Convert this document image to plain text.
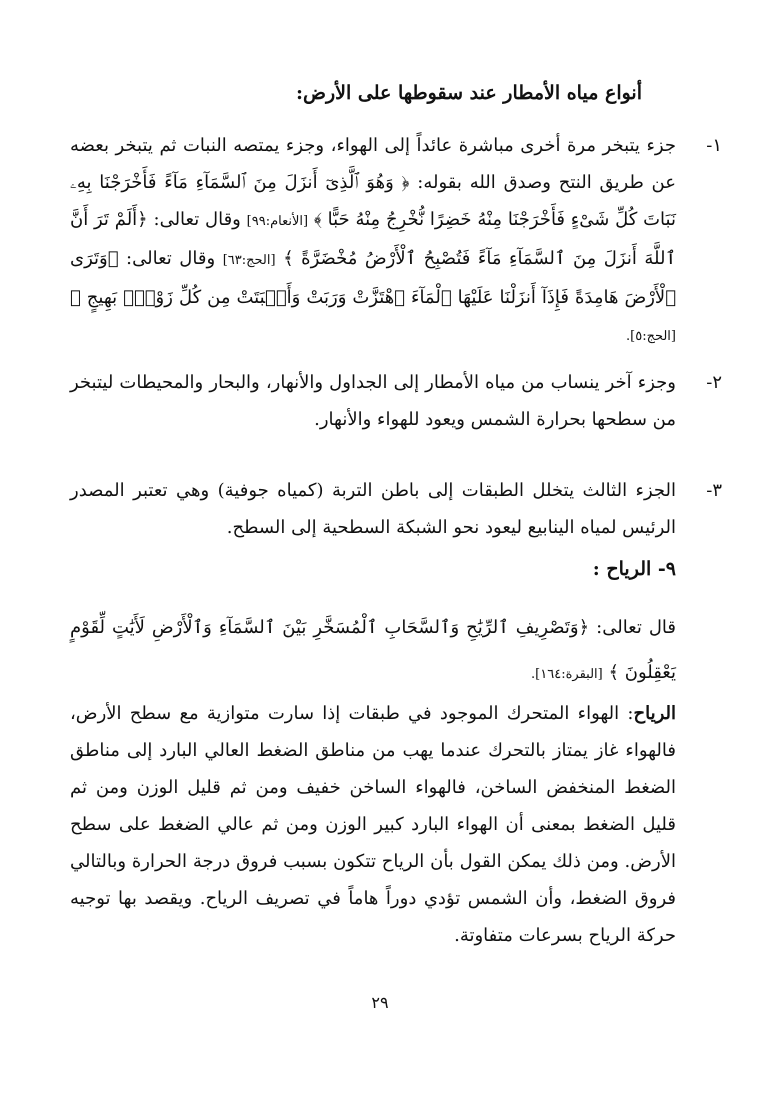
أنواع مياه الأمطار عند سقوطها على الأرض:
١-
جزء يتبخر مرة أخرى مباشرة عائداً إلى الهواء، وجزء يمتصه النبات ثم يتبخر بعضه عن طريق النتح وصدق الله بقوله: ﴿ وَهُوَ ٱلَّذِىٓ أَنزَلَ مِنَ ٱلسَّمَآءِ مَآءً فَأَخْرَجْنَا بِهِۦ نَبَاتَ كُلِّ شَىْءٍ فَأَخْرَجْنَا مِنْهُ خَضِرًا نُّخْرِجُ مِنْهُ حَبًّا ﴾ [الأنعام:٩٩] وقال تعالى: ﴿أَلَمْ تَرَ أَنَّ ٱللَّهَ أَنزَلَ مِنَ ٱلسَّمَآءِ مَآءً فَتُصْبِحُ ٱلْأَرْضُ مُخْضَرَّةً ﴾ [الحج:٦٣] وقال تعالى: ﴿وَتَرَى ٱلْأَرْضَ هَامِدَةً فَإِذَآ أَنزَلْنَا عَلَيْهَا ٱلْمَآءَ ٱهْتَزَّتْ وَرَبَتْ وَأَنۢبَتَتْ مِن كُلِّ زَوْجٍۭ بَهِيجٍ ﴾ [الحج:٥].
٢-
وجزء آخر ينساب من مياه الأمطار إلى الجداول والأنهار، والبحار والمحيطات ليتبخر من سطحها بحرارة الشمس ويعود للهواء والأنهار.
٣-
الجزء الثالث يتخلل الطبقات إلى باطن التربة (كمياه جوفية) وهي تعتبر المصدر الرئيس لمياه الينابيع ليعود نحو الشبكة السطحية إلى السطح.
٩- الرياح :
قال تعالى: ﴿وَتَصْرِيفِ ٱلرِّيَٰحِ وَٱلسَّحَابِ ٱلْمُسَخَّرِ بَيْنَ ٱلسَّمَآءِ وَٱلْأَرْضِ لَأَيَٰتٍ لِّقَوْمٍ يَعْقِلُونَ ﴾ [البقرة:١٦٤].
الرياح: الهواء المتحرك الموجود في طبقات إذا سارت متوازية مع سطح الأرض، فالهواء غاز يمتاز بالتحرك عندما يهب من مناطق الضغط العالي البارد إلى مناطق الضغط المنخفض الساخن، فالهواء الساخن خفيف ومن ثم قليل الوزن ومن ثم قليل الضغط بمعنى أن الهواء البارد كبير الوزن ومن ثم عالي الضغط على سطح الأرض. ومن ذلك يمكن القول بأن الرياح تتكون بسبب فروق درجة الحرارة وبالتالي فروق الضغط، وأن الشمس تؤدي دوراً هاماً في تصريف الرياح. ويقصد بها توجيه حركة الرياح بسرعات متفاوتة.
٢٩
